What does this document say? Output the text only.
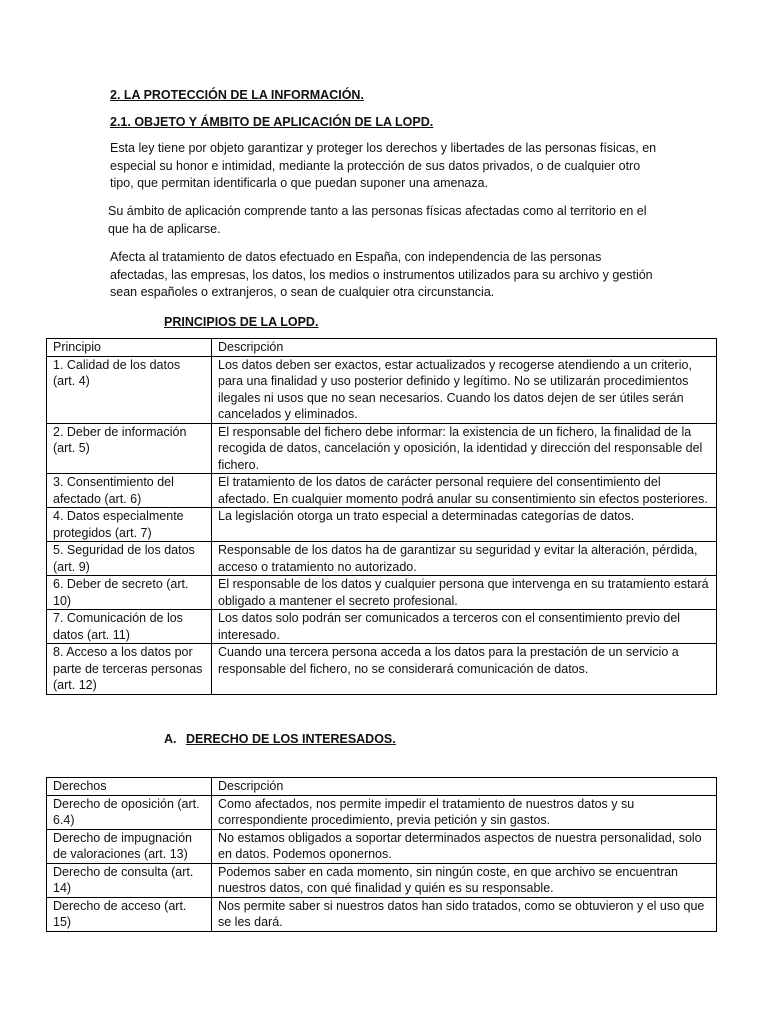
2. LA PROTECCIÓN DE LA INFORMACIÓN.

2.1. OBJETO Y ÁMBITO DE APLICACIÓN DE LA LOPD.

Esta ley tiene por objeto garantizar y proteger los derechos y libertades de las personas físicas, en especial su honor e intimidad, mediante la protección de sus datos privados, o de cualquier otro tipo, que permitan identificarla o que puedan suponer una amenaza.

Su ámbito de aplicación comprende tanto a las personas físicas afectadas como al territorio en el que ha de aplicarse.

Afecta al tratamiento de datos efectuado en España, con independencia de las personas afectadas, las empresas, los datos, los medios o instrumentos utilizados para su archivo y gestión sean españoles o extranjeros, o sean de cualquier otra circunstancia.

PRINCIPIOS DE LA LOPD.

Principio	Descripción
1. Calidad de los datos (art. 4)	Los datos deben ser exactos, estar actualizados y recogerse atendiendo a un criterio, para una finalidad y uso posterior definido y legítimo. No se utilizarán procedimientos ilegales ni usos que no sean necesarios. Cuando los datos dejen de ser útiles serán cancelados y eliminados.
2. Deber de información (art. 5)	El responsable del fichero debe informar: la existencia de un fichero, la finalidad de la recogida de datos, cancelación y oposición, la identidad y dirección del responsable del fichero.
3. Consentimiento del afectado (art. 6)	El tratamiento de los datos de carácter personal requiere del consentimiento del afectado. En cualquier momento podrá anular su consentimiento sin efectos posteriores.
4. Datos especialmente protegidos (art. 7)	La legislación otorga un trato especial a determinadas categorías de datos.
5. Seguridad de los datos (art. 9)	Responsable de los datos ha de garantizar su seguridad y evitar la alteración, pérdida, acceso o tratamiento no autorizado.
6. Deber de secreto (art. 10)	El responsable de los datos y cualquier persona que intervenga en su tratamiento estará obligado a mantener el secreto profesional.
7. Comunicación de los datos (art. 11)	Los datos solo podrán ser comunicados a terceros con el consentimiento previo del interesado.
8. Acceso a los datos por parte de terceras personas (art. 12)	Cuando una tercera persona acceda a los datos para la prestación de un servicio a responsable del fichero, no se considerará comunicación de datos.

A. DERECHO DE LOS INTERESADOS.

Derechos	Descripción
Derecho de oposición (art. 6.4)	Como afectados, nos permite impedir el tratamiento de nuestros datos y su correspondiente procedimiento, previa petición y sin gastos.
Derecho de impugnación de valoraciones (art. 13)	No estamos obligados a soportar determinados aspectos de nuestra personalidad, solo en datos. Podemos oponernos.
Derecho de consulta (art. 14)	Podemos saber en cada momento, sin ningún coste, en que archivo se encuentran nuestros datos, con qué finalidad y quién es su responsable.
Derecho de acceso (art. 15)	Nos permite saber si nuestros datos han sido tratados, como se obtuvieron y el uso que se les dará.
